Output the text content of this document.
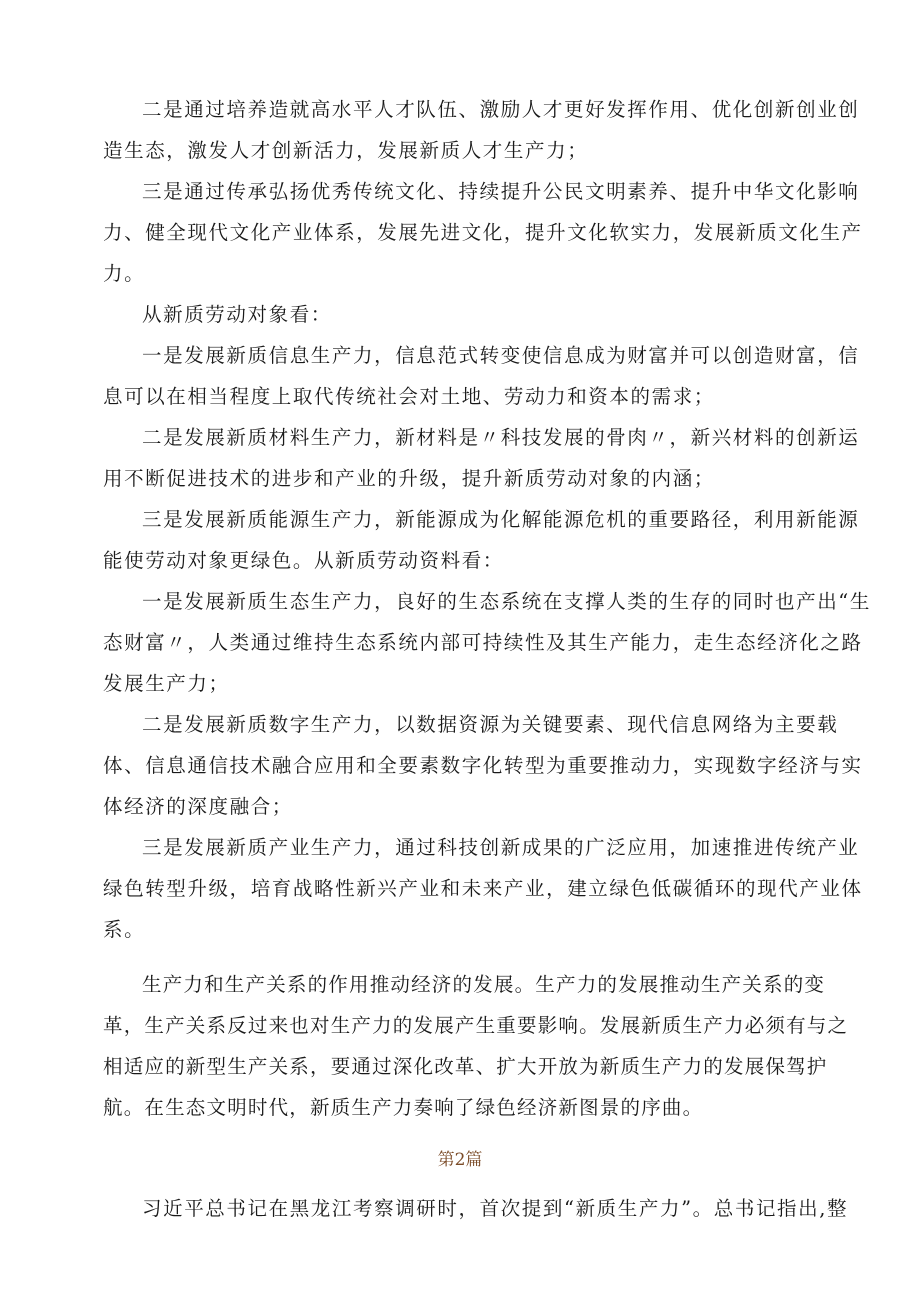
二是通过培养造就高水平人才队伍、激励人才更好发挥作用、优化创新创业创造生态，激发人才创新活力，发展新质人才生产力；

三是通过传承弘扬优秀传统文化、持续提升公民文明素养、提升中华文化影响力、健全现代文化产业体系，发展先进文化，提升文化软实力，发展新质文化生产力。

从新质劳动对象看：

一是发展新质信息生产力，信息范式转变使信息成为财富并可以创造财富，信息可以在相当程度上取代传统社会对土地、劳动力和资本的需求；

二是发展新质材料生产力，新材料是〃科技发展的骨肉〃，新兴材料的创新运用不断促进技术的进步和产业的升级，提升新质劳动对象的内涵；

三是发展新质能源生产力，新能源成为化解能源危机的重要路径，利用新能源能使劳动对象更绿色。从新质劳动资料看：

一是发展新质生态生产力，良好的生态系统在支撑人类的生存的同时也产出“生态财富〃，人类通过维持生态系统内部可持续性及其生产能力，走生态经济化之路发展生产力；

二是发展新质数字生产力，以数据资源为关键要素、现代信息网络为主要载体、信息通信技术融合应用和全要素数字化转型为重要推动力，实现数字经济与实体经济的深度融合；

三是发展新质产业生产力，通过科技创新成果的广泛应用，加速推进传统产业绿色转型升级，培育战略性新兴产业和未来产业，建立绿色低碳循环的现代产业体系。

生产力和生产关系的作用推动经济的发展。生产力的发展推动生产关系的变革，生产关系反过来也对生产力的发展产生重要影响。发展新质生产力必须有与之相适应的新型生产关系，要通过深化改革、扩大开放为新质生产力的发展保驾护航。在生态文明时代，新质生产力奏响了绿色经济新图景的序曲。

第2篇

习近平总书记在黑龙江考察调研时，首次提到“新质生产力”。总书记指出,整
